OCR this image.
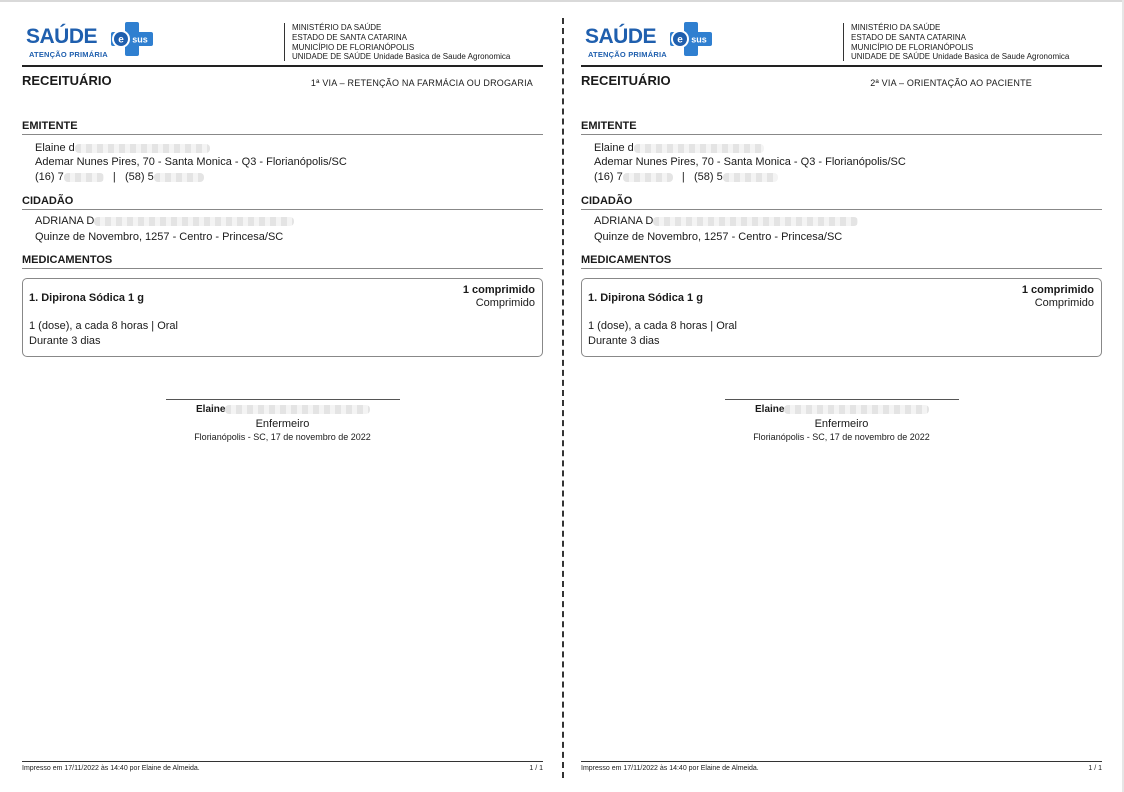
SAÚDE
ATENÇÃO PRIMÁRIA
e sus
MINISTÉRIO DA SAÚDE
ESTADO DE SANTA CATARINA
MUNICÍPIO DE FLORIANÓPOLIS
UNIDADE DE SAÚDE Unidade Basica de Saude Agronomica
RECEITUÁRIO	1ª VIA – RETENÇÃO NA FARMÁCIA OU DROGARIA
EMITENTE
Elaine d
Ademar Nunes Pires, 70 - Santa Monica - Q3 - Florianópolis/SC
(16) 7	| (58) 5
CIDADÃO
ADRIANA D
Quinze de Novembro, 1257 - Centro - Princesa/SC
MEDICAMENTOS
1. Dipirona Sódica 1 g
1 comprimido
Comprimido
1 (dose), a cada 8 horas | Oral
Durante 3 dias
Elaine
Enfermeiro
Florianópolis - SC, 17 de novembro de 2022
Impresso em 17/11/2022 às 14:40 por Elaine de Almeida.	1 / 1
SAÚDE
ATENÇÃO PRIMÁRIA
e sus
MINISTÉRIO DA SAÚDE
ESTADO DE SANTA CATARINA
MUNICÍPIO DE FLORIANÓPOLIS
UNIDADE DE SAÚDE Unidade Basica de Saude Agronomica
RECEITUÁRIO	2ª VIA – ORIENTAÇÃO AO PACIENTE
EMITENTE
Elaine d
Ademar Nunes Pires, 70 - Santa Monica - Q3 - Florianópolis/SC
(16) 7	| (58) 5
CIDADÃO
ADRIANA D
Quinze de Novembro, 1257 - Centro - Princesa/SC
MEDICAMENTOS
1. Dipirona Sódica 1 g
1 comprimido
Comprimido
1 (dose), a cada 8 horas | Oral
Durante 3 dias
Elaine
Enfermeiro
Florianópolis - SC, 17 de novembro de 2022
Impresso em 17/11/2022 às 14:40 por Elaine de Almeida.	1 / 1
